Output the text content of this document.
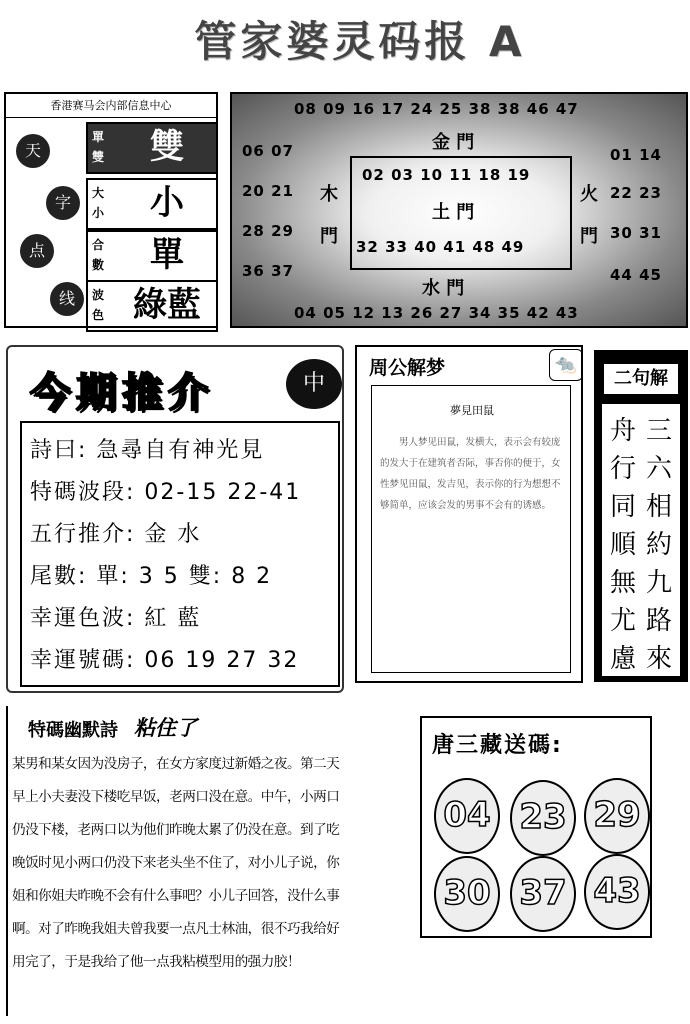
管家婆灵码报 A
香港赛马会内部信息中心
天
字
点
线
單雙	雙
大小	小
合數	單
波色 綠藍
08 09 16 17 24 25 38 38 46 47
金 門
06 07
20 21
28 29
36 37
木
門
01 14
22 23
30 31
44 45
火
門
02 03 10 11 18 19
土 門
32 33 40 41 48 49
水 門
04 05 12 13 26 27 34 35 42 43
今期推介	中
詩曰: 急尋自有神光見
特碼波段: 02-15 22-41
五行推介: 金 水
尾數: 單: 3 5 雙: 8 2
幸運色波: 紅 藍
幸運號碼: 06 19 27 32
周公解梦	🐀
夢見田鼠
男人梦见田鼠，发横大，表示会有较庞的发大于在建筑者否际，事否你的便于，女性梦见田鼠，发吉见，表示你的行为想想不够简单，应该会发的男事不会有的诱感。
二句解
三六相約九路來
舟行同順無尤慮
特碼幽默詩 粘住了
某男和某女因为没房子，在女方家度过新婚之夜。第二天早上小夫妻没下楼吃早饭，老两口没在意。中午，小两口仍没下楼，老两口以为他们昨晚太累了仍没在意。到了吃晚饭时见小两口仍没下来老头坐不住了，对小儿子说，你姐和你姐夫昨晚不会有什么事吧？小儿子回答，没什么事啊。对了昨晚我姐夫曾我要一点凡士林油，很不巧我给好用完了，于是我给了他一点我粘模型用的强力胶！
唐三藏送碼:
04 23 29
30 37 43
